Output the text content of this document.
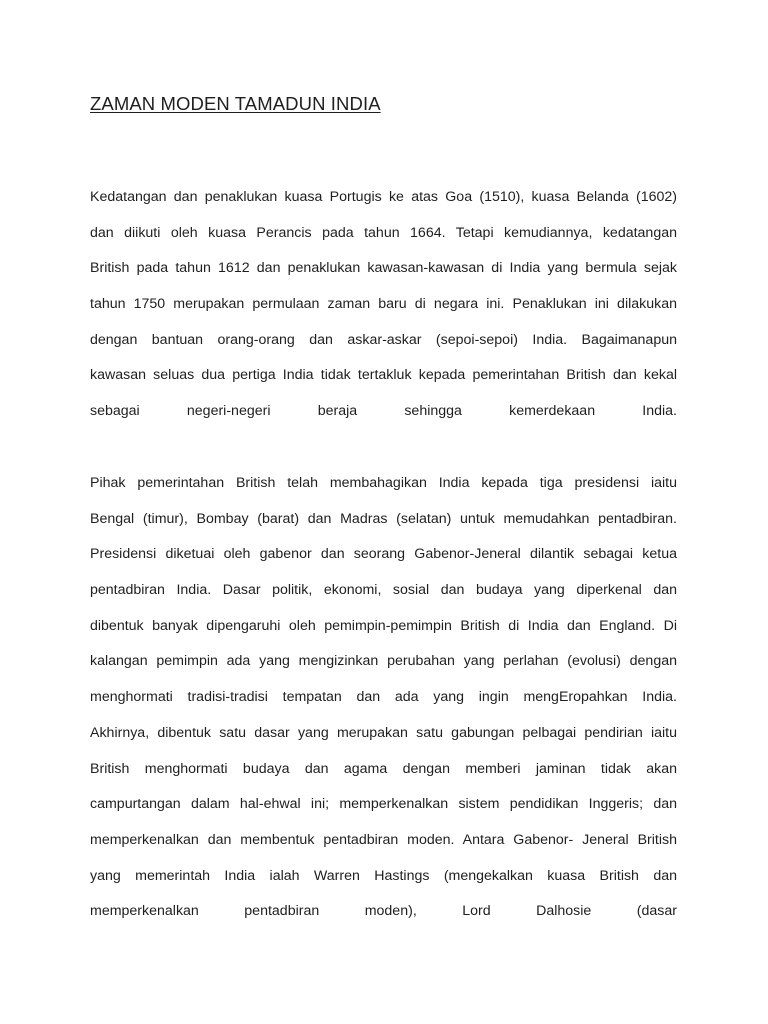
ZAMAN MODEN TAMADUN INDIA

Kedatangan dan penaklukan kuasa Portugis ke atas Goa (1510), kuasa Belanda (1602)
dan diikuti oleh kuasa Perancis pada tahun 1664. Tetapi kemudiannya, kedatangan
British pada tahun 1612 dan penaklukan kawasan-kawasan di India yang bermula sejak
tahun 1750 merupakan permulaan zaman baru di negara ini. Penaklukan ini dilakukan
dengan bantuan orang-orang dan askar-askar (sepoi-sepoi) India. Bagaimanapun
kawasan seluas dua pertiga India tidak tertakluk kepada pemerintahan British dan kekal
sebagai negeri-negeri beraja sehingga kemerdekaan India.

Pihak pemerintahan British telah membahagikan India kepada tiga presidensi iaitu
Bengal (timur), Bombay (barat) dan Madras (selatan) untuk memudahkan pentadbiran.
Presidensi diketuai oleh gabenor dan seorang Gabenor-Jeneral dilantik sebagai ketua
pentadbiran India. Dasar politik, ekonomi, sosial dan budaya yang diperkenal dan
dibentuk banyak dipengaruhi oleh pemimpin-pemimpin British di India dan England. Di
kalangan pemimpin ada yang mengizinkan perubahan yang perlahan (evolusi) dengan
menghormati tradisi-tradisi tempatan dan ada yang ingin mengEropahkan India.
Akhirnya, dibentuk satu dasar yang merupakan satu gabungan pelbagai pendirian iaitu
British menghormati budaya dan agama dengan memberi jaminan tidak akan
campurtangan dalam hal-ehwal ini; memperkenalkan sistem pendidikan Inggeris; dan
memperkenalkan dan membentuk pentadbiran moden. Antara Gabenor- Jeneral British
yang memerintah India ialah Warren Hastings (mengekalkan kuasa British dan
memperkenalkan pentadbiran moden), Lord Dalhosie (dasar
